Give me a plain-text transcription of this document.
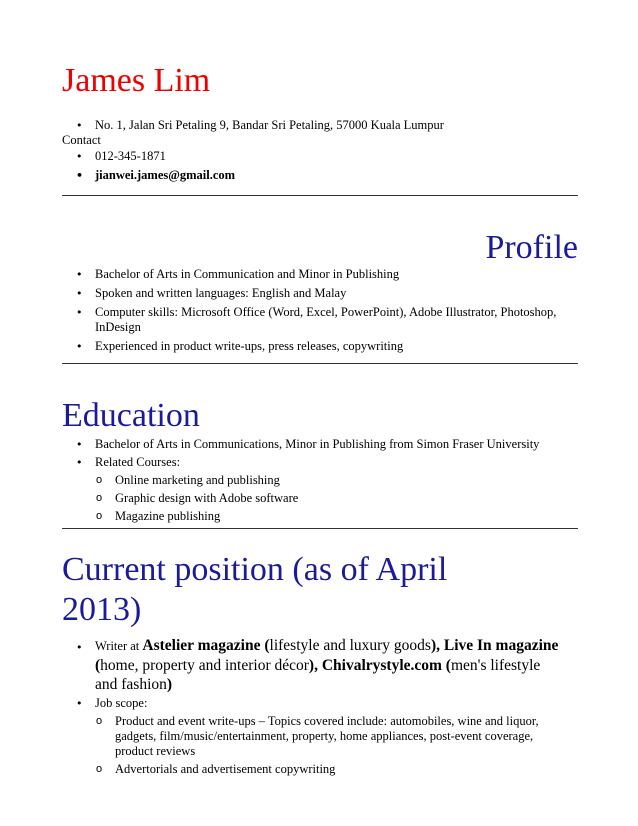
James Lim
• No. 1, Jalan Sri Petaling 9, Bandar Sri Petaling, 57000 Kuala Lumpur
Contact
• 012-345-1871
• jianwei.james@gmail.com
Profile
• Bachelor of Arts in Communication and Minor in Publishing
• Spoken and written languages: English and Malay
• Computer skills: Microsoft Office (Word, Excel, PowerPoint), Adobe Illustrator, Photoshop, InDesign
• Experienced in product write-ups, press releases, copywriting
Education
• Bachelor of Arts in Communications, Minor in Publishing from Simon Fraser University
• Related Courses:
o Online marketing and publishing
o Graphic design with Adobe software
o Magazine publishing
Current position (as of April 2013)
• Writer at Astelier magazine (lifestyle and luxury goods), Live In magazine (home, property and interior décor), Chivalrystyle.com (men's lifestyle and fashion)
• Job scope:
o Product and event write-ups – Topics covered include: automobiles, wine and liquor, gadgets, film/music/entertainment, property, home appliances, post-event coverage, product reviews
o Advertorials and advertisement copywriting
